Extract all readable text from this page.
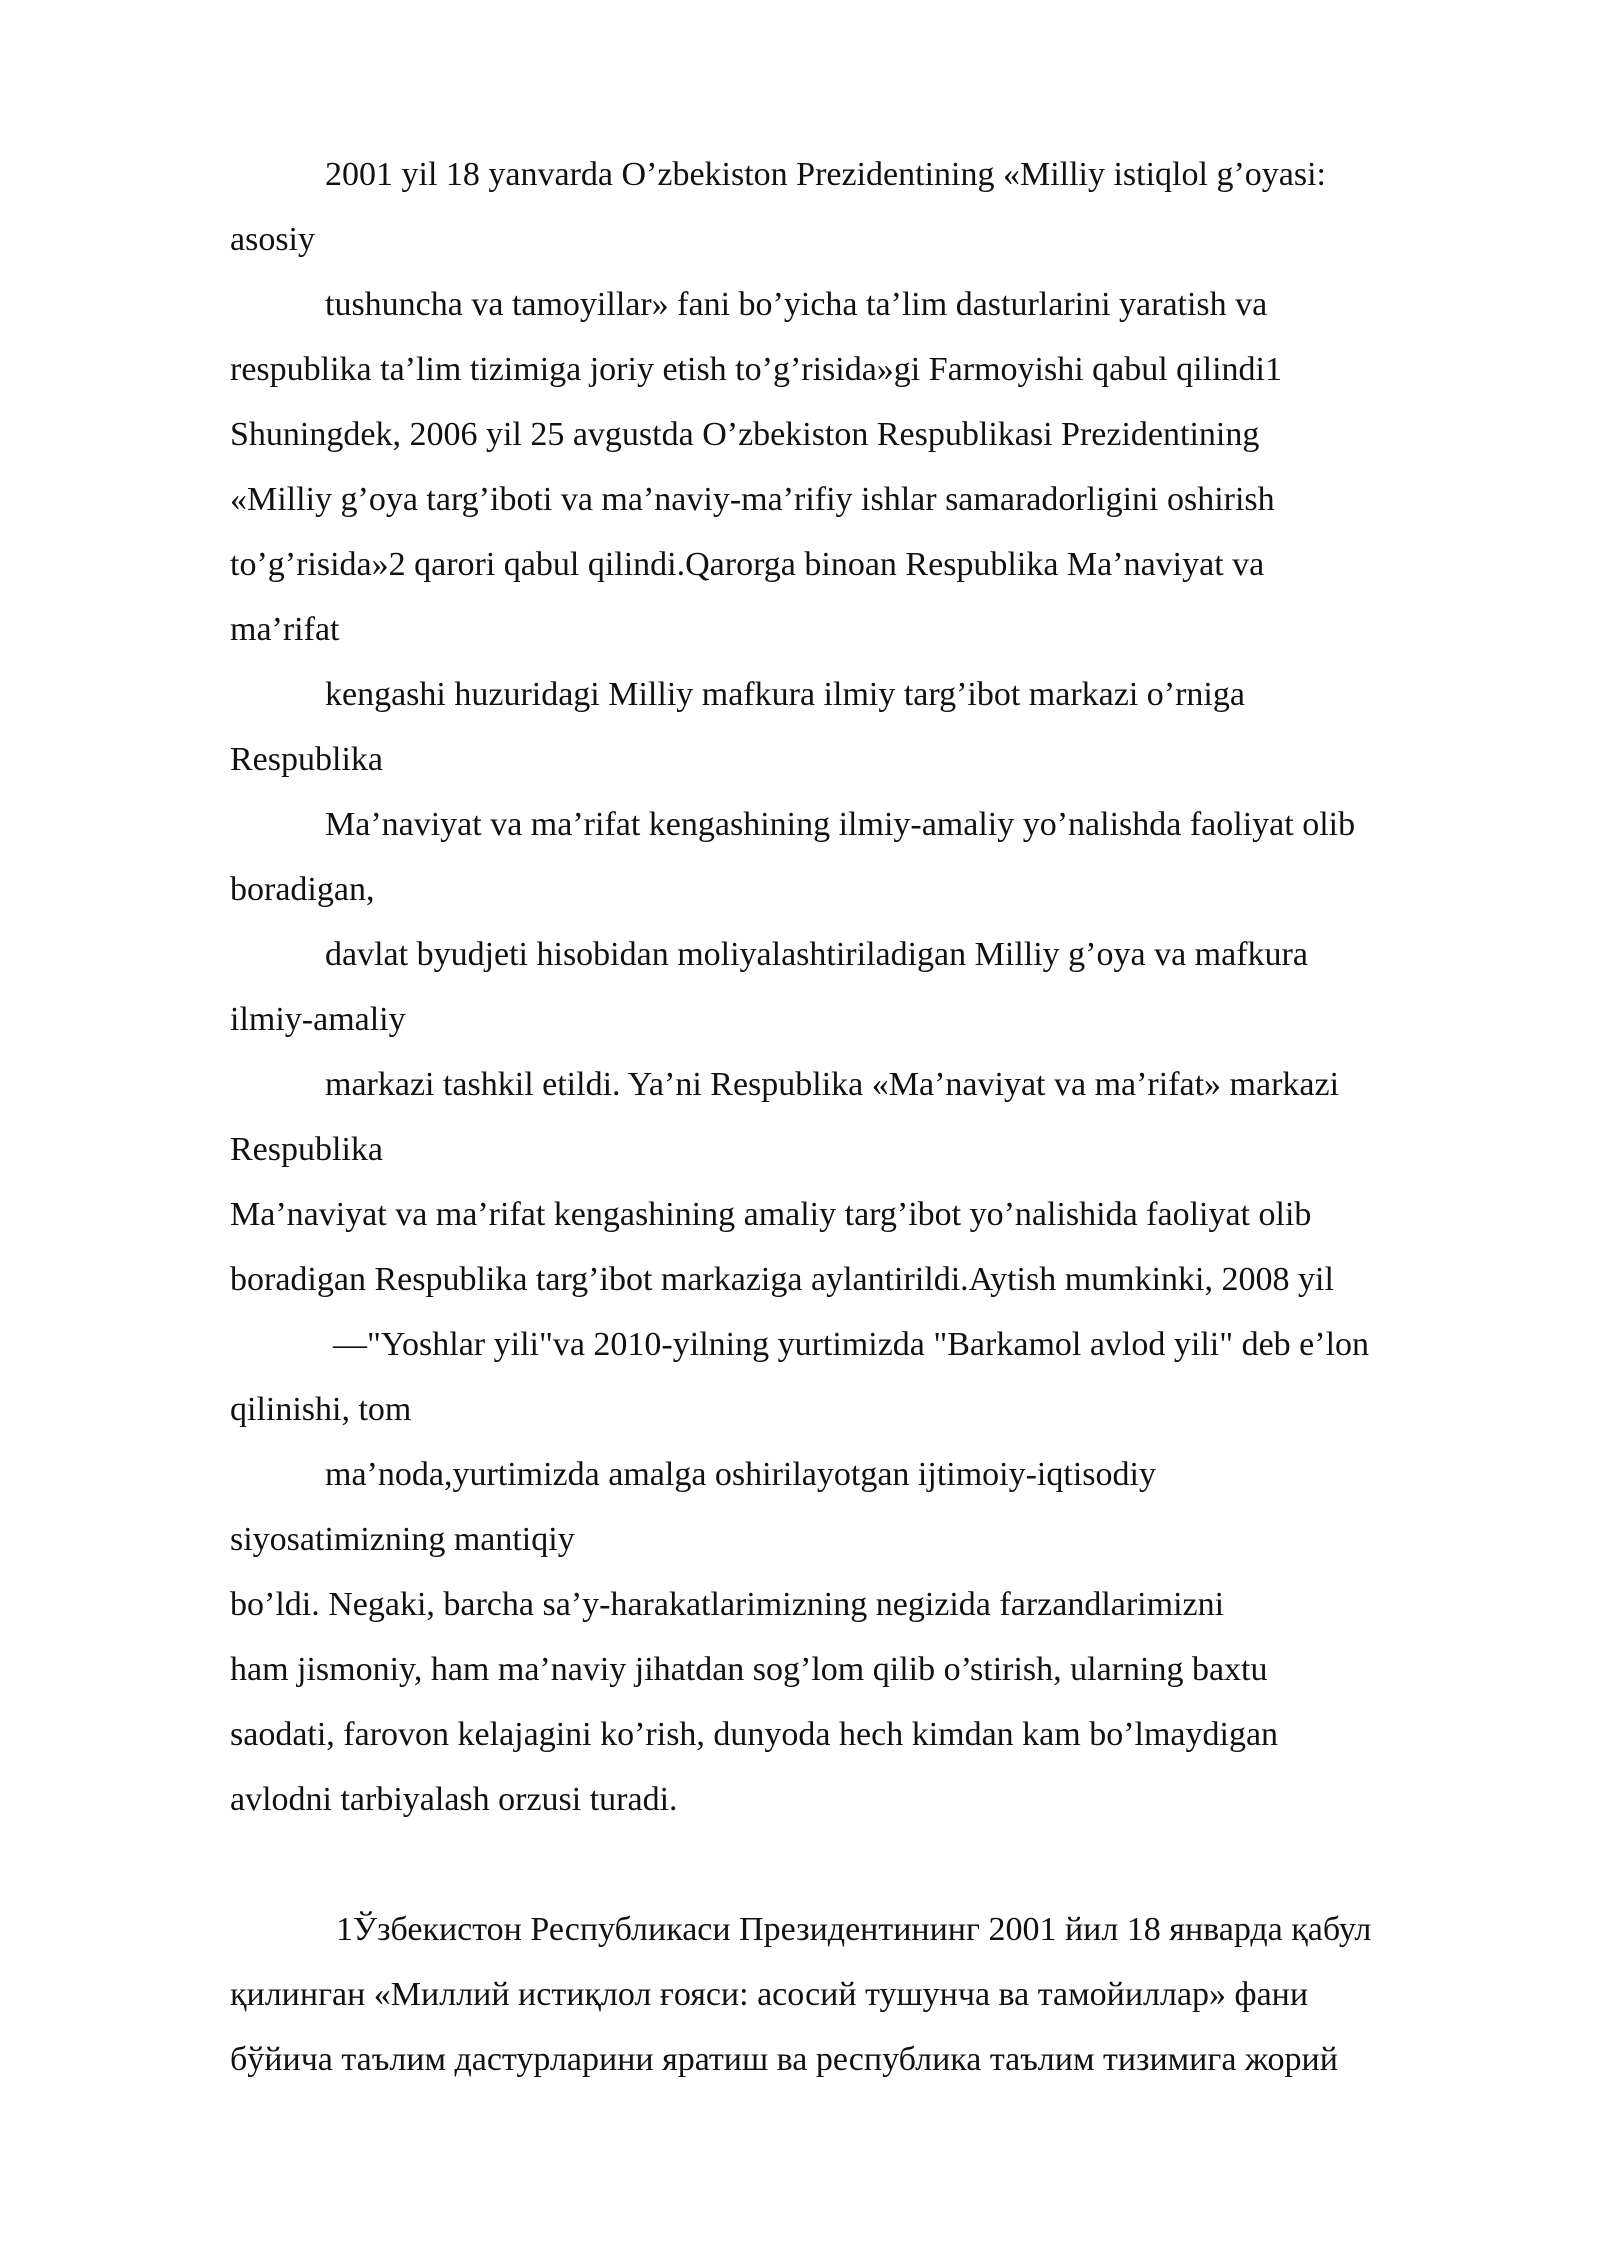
2001 yil 18 yanvarda O’zbekiston Prezidentining «Milliy istiqlol g’oyasi:
asosiy
tushuncha va tamoyillar» fani bo’yicha ta’lim dasturlarini yaratish va
respublika ta’lim tizimiga joriy etish to’g’risida»gi Farmoyishi qabul qilindi1
Shuningdek, 2006 yil 25 avgustda O’zbekiston Respublikasi Prezidentining
«Milliy g’oya targ’iboti va ma’naviy-ma’rifiy ishlar samaradorligini oshirish
to’g’risida»2 qarori qabul qilindi.Qarorga binoan Respublika Ma’naviyat va
ma’rifat
kengashi huzuridagi Milliy mafkura ilmiy targ’ibot markazi o’rniga
Respublika
Ma’naviyat va ma’rifat kengashining ilmiy-amaliy yo’nalishda faoliyat olib
boradigan,
davlat byudjeti hisobidan moliyalashtiriladigan Milliy g’oya va mafkura
ilmiy-amaliy
markazi tashkil etildi. Ya’ni Respublika «Ma’naviyat va ma’rifat» markazi
Respublika
Ma’naviyat va ma’rifat kengashining amaliy targ’ibot yo’nalishida faoliyat olib
boradigan Respublika targ’ibot markaziga aylantirildi.Aytish mumkinki, 2008 yil
—"Yoshlar yili"va 2010-yilning yurtimizda "Barkamol avlod yili" deb e’lon
qilinishi, tom
ma’noda,yurtimizda amalga oshirilayotgan ijtimoiy-iqtisodiy
siyosatimizning mantiqiy
bo’ldi. Negaki, barcha sa’y-harakatlarimizning negizida farzandlarimizni
ham jismoniy, ham ma’naviy jihatdan sog’lom qilib o’stirish, ularning baxtu
saodati, farovon kelajagini ko’rish, dunyoda hech kimdan kam bo’lmaydigan
avlodni tarbiyalash orzusi turadi.
1Ўзбекистон Республикаси Президентининг 2001 йил 18 январда қабул
қилинган «Миллий истиқлол ғояси: асосий тушунча ва тамойиллар» фани
бўйича таълим дастурларини яратиш ва республика таълим тизимига жорий
